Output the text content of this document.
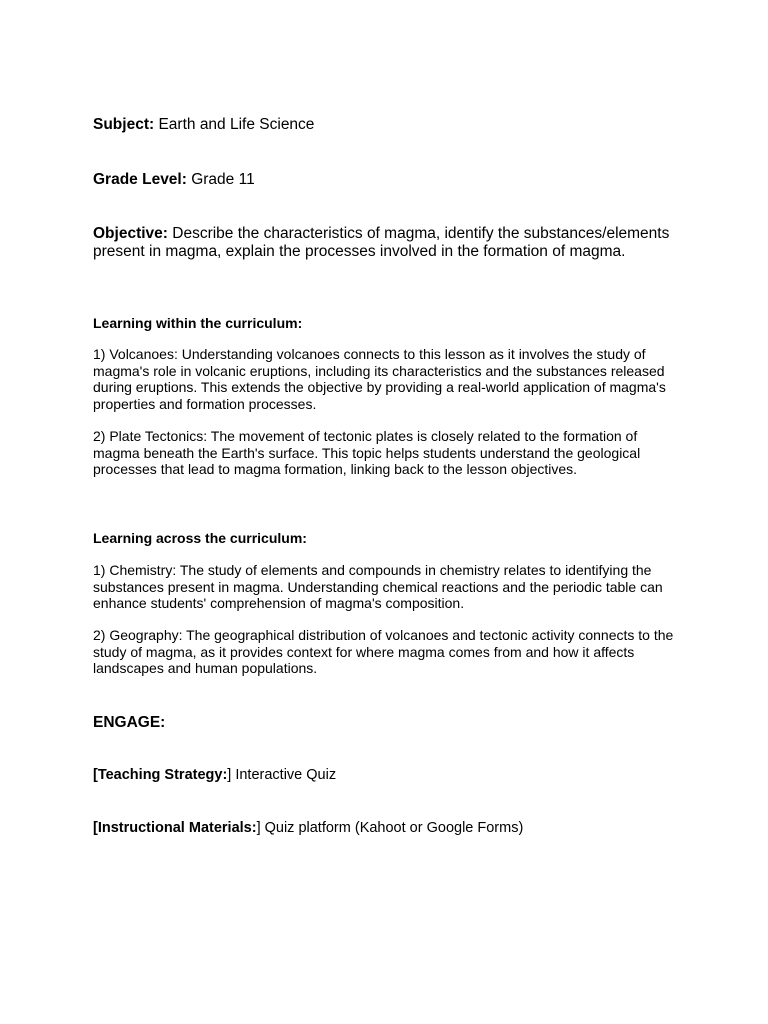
Subject: Earth and Life Science
Grade Level: Grade 11
Objective: Describe the characteristics of magma, identify the substances/elements present in magma, explain the processes involved in the formation of magma.
Learning within the curriculum:
1) Volcanoes: Understanding volcanoes connects to this lesson as it involves the study of magma's role in volcanic eruptions, including its characteristics and the substances released during eruptions. This extends the objective by providing a real-world application of magma's properties and formation processes.
2) Plate Tectonics: The movement of tectonic plates is closely related to the formation of magma beneath the Earth's surface. This topic helps students understand the geological processes that lead to magma formation, linking back to the lesson objectives.
Learning across the curriculum:
1) Chemistry: The study of elements and compounds in chemistry relates to identifying the substances present in magma. Understanding chemical reactions and the periodic table can enhance students' comprehension of magma's composition.
2) Geography: The geographical distribution of volcanoes and tectonic activity connects to the study of magma, as it provides context for where magma comes from and how it affects landscapes and human populations.
ENGAGE:
[Teaching Strategy:] Interactive Quiz
[Instructional Materials:] Quiz platform (Kahoot or Google Forms)
